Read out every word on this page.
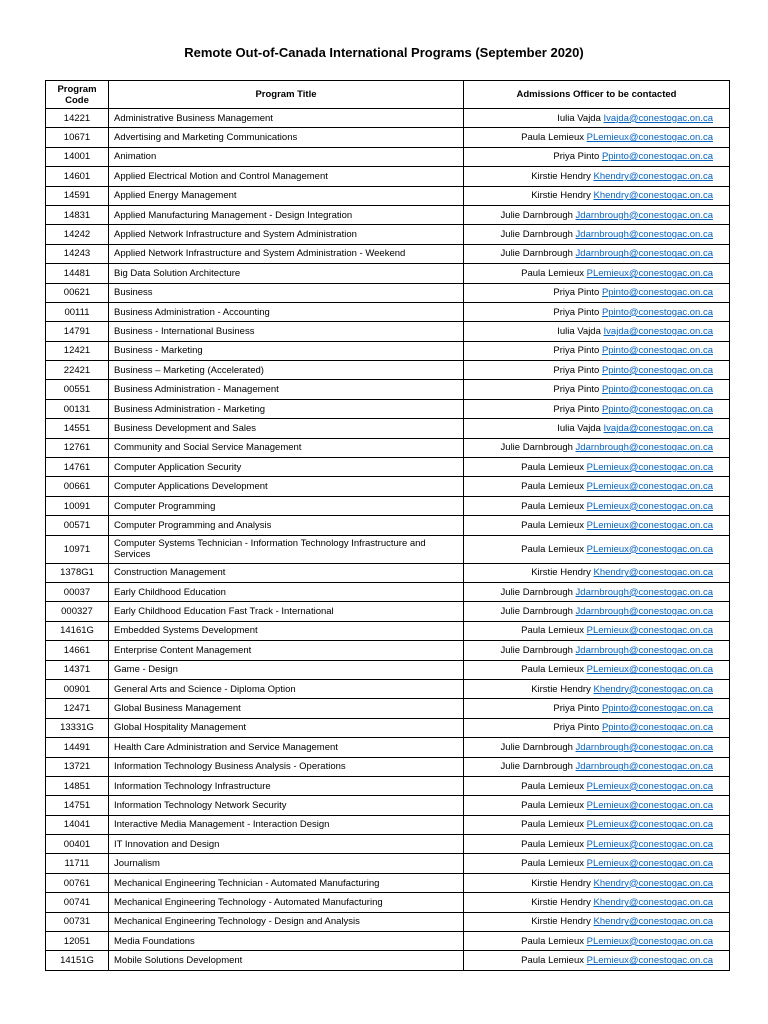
Remote Out-of-Canada International Programs (September 2020)
Program Code	Program Title	Admissions Officer to be contacted
14221	Administrative Business Management	Iulia Vajda Ivajda@conestogac.on.ca
10671	Advertising and Marketing Communications	Paula Lemieux PLemieux@conestogac.on.ca
14001	Animation	Priya Pinto Ppinto@conestogac.on.ca
14601	Applied Electrical Motion and Control Management	Kirstie Hendry Khendry@conestogac.on.ca
14591	Applied Energy Management	Kirstie Hendry Khendry@conestogac.on.ca
14831	Applied Manufacturing Management - Design Integration	Julie Darnbrough Jdarnbrough@conestogac.on.ca
14242	Applied Network Infrastructure and System Administration	Julie Darnbrough Jdarnbrough@conestogac.on.ca
14243	Applied Network Infrastructure and System Administration - Weekend	Julie Darnbrough Jdarnbrough@conestogac.on.ca
14481	Big Data Solution Architecture	Paula Lemieux PLemieux@conestogac.on.ca
00621	Business	Priya Pinto Ppinto@conestogac.on.ca
00111	Business Administration - Accounting	Priya Pinto Ppinto@conestogac.on.ca
14791	Business - International Business	Iulia Vajda Ivajda@conestogac.on.ca
12421	Business - Marketing	Priya Pinto Ppinto@conestogac.on.ca
22421	Business – Marketing (Accelerated)	Priya Pinto Ppinto@conestogac.on.ca
00551	Business Administration - Management	Priya Pinto Ppinto@conestogac.on.ca
00131	Business Administration - Marketing	Priya Pinto Ppinto@conestogac.on.ca
14551	Business Development and Sales	Iulia Vajda Ivajda@conestogac.on.ca
12761	Community and Social Service Management	Julie Darnbrough Jdarnbrough@conestogac.on.ca
14761	Computer Application Security	Paula Lemieux PLemieux@conestogac.on.ca
00661	Computer Applications Development	Paula Lemieux PLemieux@conestogac.on.ca
10091	Computer Programming	Paula Lemieux PLemieux@conestogac.on.ca
00571	Computer Programming and Analysis	Paula Lemieux PLemieux@conestogac.on.ca
10971	Computer Systems Technician - Information Technology Infrastructure and Services	Paula Lemieux PLemieux@conestogac.on.ca
1378G1	Construction Management	Kirstie Hendry Khendry@conestogac.on.ca
00037	Early Childhood Education	Julie Darnbrough Jdarnbrough@conestogac.on.ca
000327	Early Childhood Education Fast Track - International	Julie Darnbrough Jdarnbrough@conestogac.on.ca
14161G	Embedded Systems Development	Paula Lemieux PLemieux@conestogac.on.ca
14661	Enterprise Content Management	Julie Darnbrough Jdarnbrough@conestogac.on.ca
14371	Game - Design	Paula Lemieux PLemieux@conestogac.on.ca
00901	General Arts and Science - Diploma Option	Kirstie Hendry Khendry@conestogac.on.ca
12471	Global Business Management	Priya Pinto Ppinto@conestogac.on.ca
13331G	Global Hospitality Management	Priya Pinto Ppinto@conestogac.on.ca
14491	Health Care Administration and Service Management	Julie Darnbrough Jdarnbrough@conestogac.on.ca
13721	Information Technology Business Analysis - Operations	Julie Darnbrough Jdarnbrough@conestogac.on.ca
14851	Information Technology Infrastructure	Paula Lemieux PLemieux@conestogac.on.ca
14751	Information Technology Network Security	Paula Lemieux PLemieux@conestogac.on.ca
14041	Interactive Media Management - Interaction Design	Paula Lemieux PLemieux@conestogac.on.ca
00401	IT Innovation and Design	Paula Lemieux PLemieux@conestogac.on.ca
11711	Journalism	Paula Lemieux PLemieux@conestogac.on.ca
00761	Mechanical Engineering Technician - Automated Manufacturing	Kirstie Hendry Khendry@conestogac.on.ca
00741	Mechanical Engineering Technology - Automated Manufacturing	Kirstie Hendry Khendry@conestogac.on.ca
00731	Mechanical Engineering Technology - Design and Analysis	Kirstie Hendry Khendry@conestogac.on.ca
12051	Media Foundations	Paula Lemieux PLemieux@conestogac.on.ca
14151G	Mobile Solutions Development	Paula Lemieux PLemieux@conestogac.on.ca
